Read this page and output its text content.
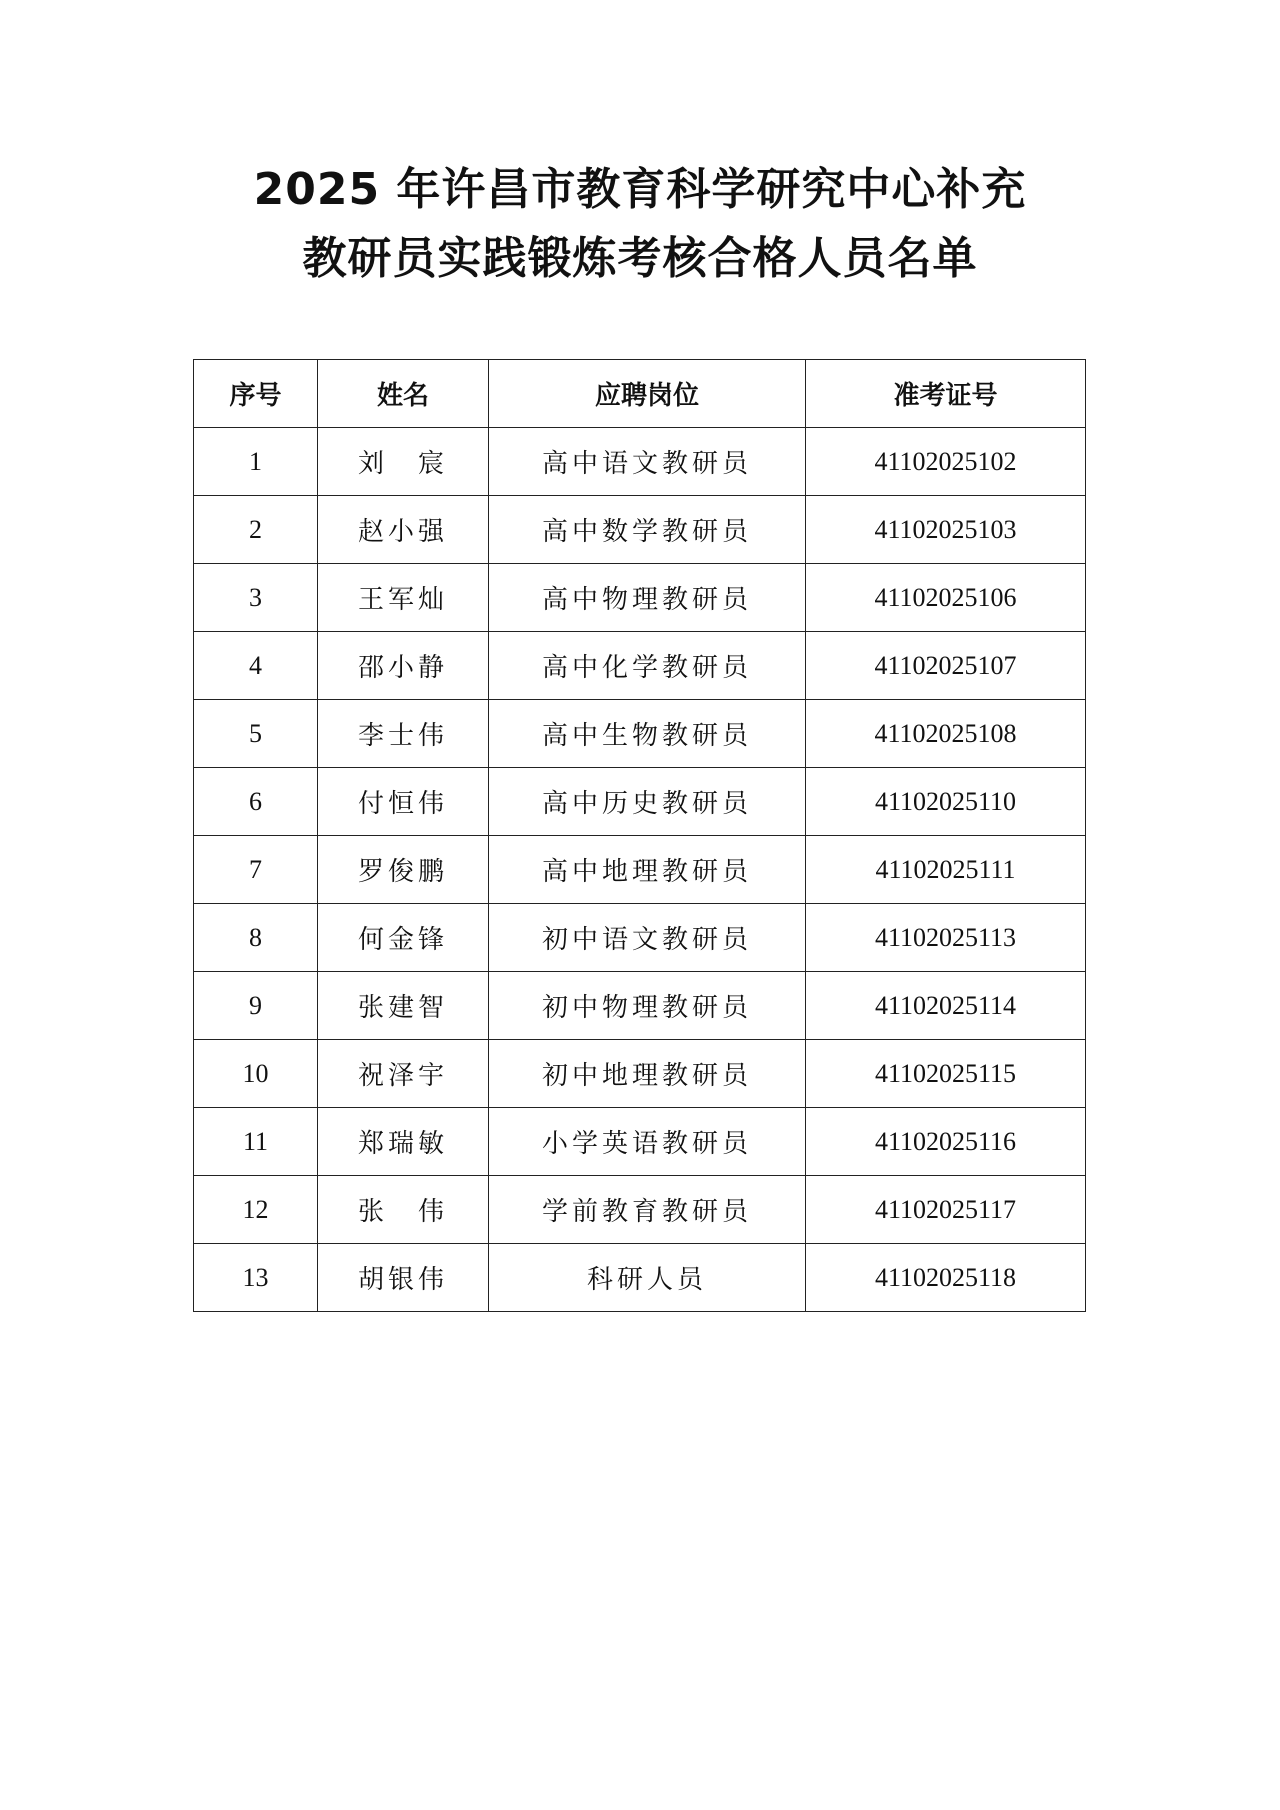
2025 年许昌市教育科学研究中心补充
教研员实践锻炼考核合格人员名单
序号	姓名	应聘岗位	准考证号
1	刘　宸	高中语文教研员	41102025102
2	赵小强	高中数学教研员	41102025103
3	王军灿	高中物理教研员	41102025106
4	邵小静	高中化学教研员	41102025107
5	李士伟	高中生物教研员	41102025108
6	付恒伟	高中历史教研员	41102025110
7	罗俊鹏	高中地理教研员	41102025111
8	何金锋	初中语文教研员	41102025113
9	张建智	初中物理教研员	41102025114
10	祝泽宇	初中地理教研员	41102025115
11	郑瑞敏	小学英语教研员	41102025116
12	张　伟	学前教育教研员	41102025117
13	胡银伟	科研人员	41102025118
